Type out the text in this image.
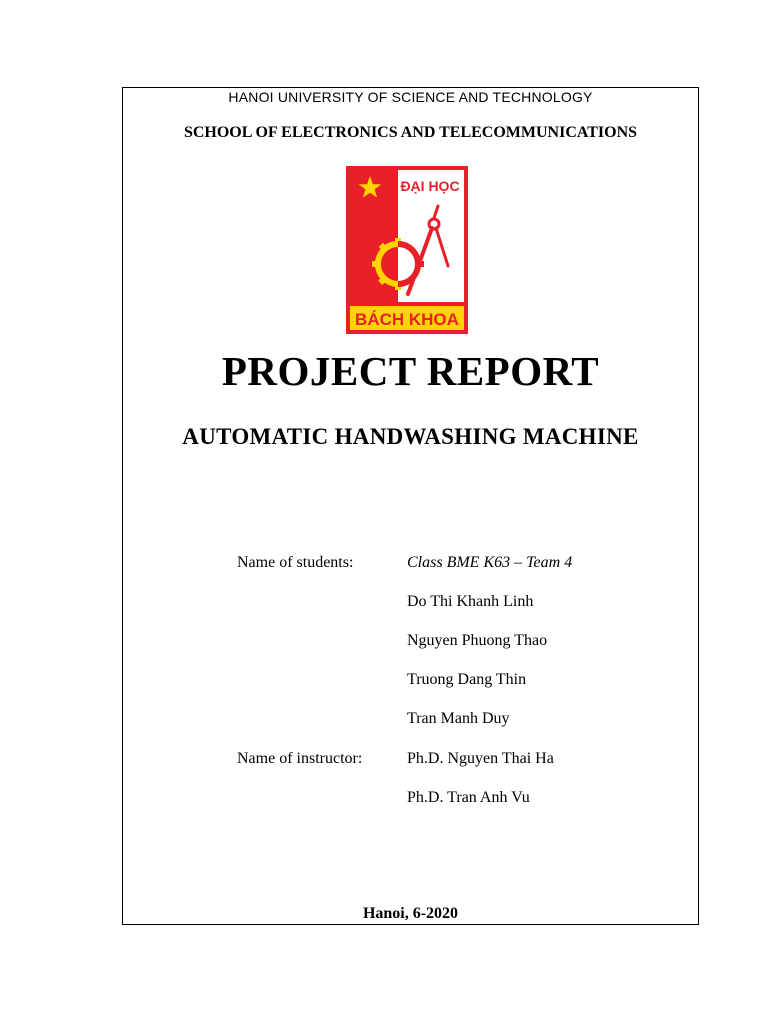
HANOI UNIVERSITY OF SCIENCE AND TECHNOLOGY
SCHOOL OF ELECTRONICS AND TELECOMMUNICATIONS
ĐẠI HỌC
BÁCH KHOA
PROJECT REPORT
AUTOMATIC HANDWASHING MACHINE
Name of students:	Class BME K63 – Team 4
Do Thi Khanh Linh
Nguyen Phuong Thao
Truong Dang Thin
Tran Manh Duy
Name of instructor:	Ph.D. Nguyen Thai Ha
Ph.D. Tran Anh Vu
Hanoi, 6-2020
